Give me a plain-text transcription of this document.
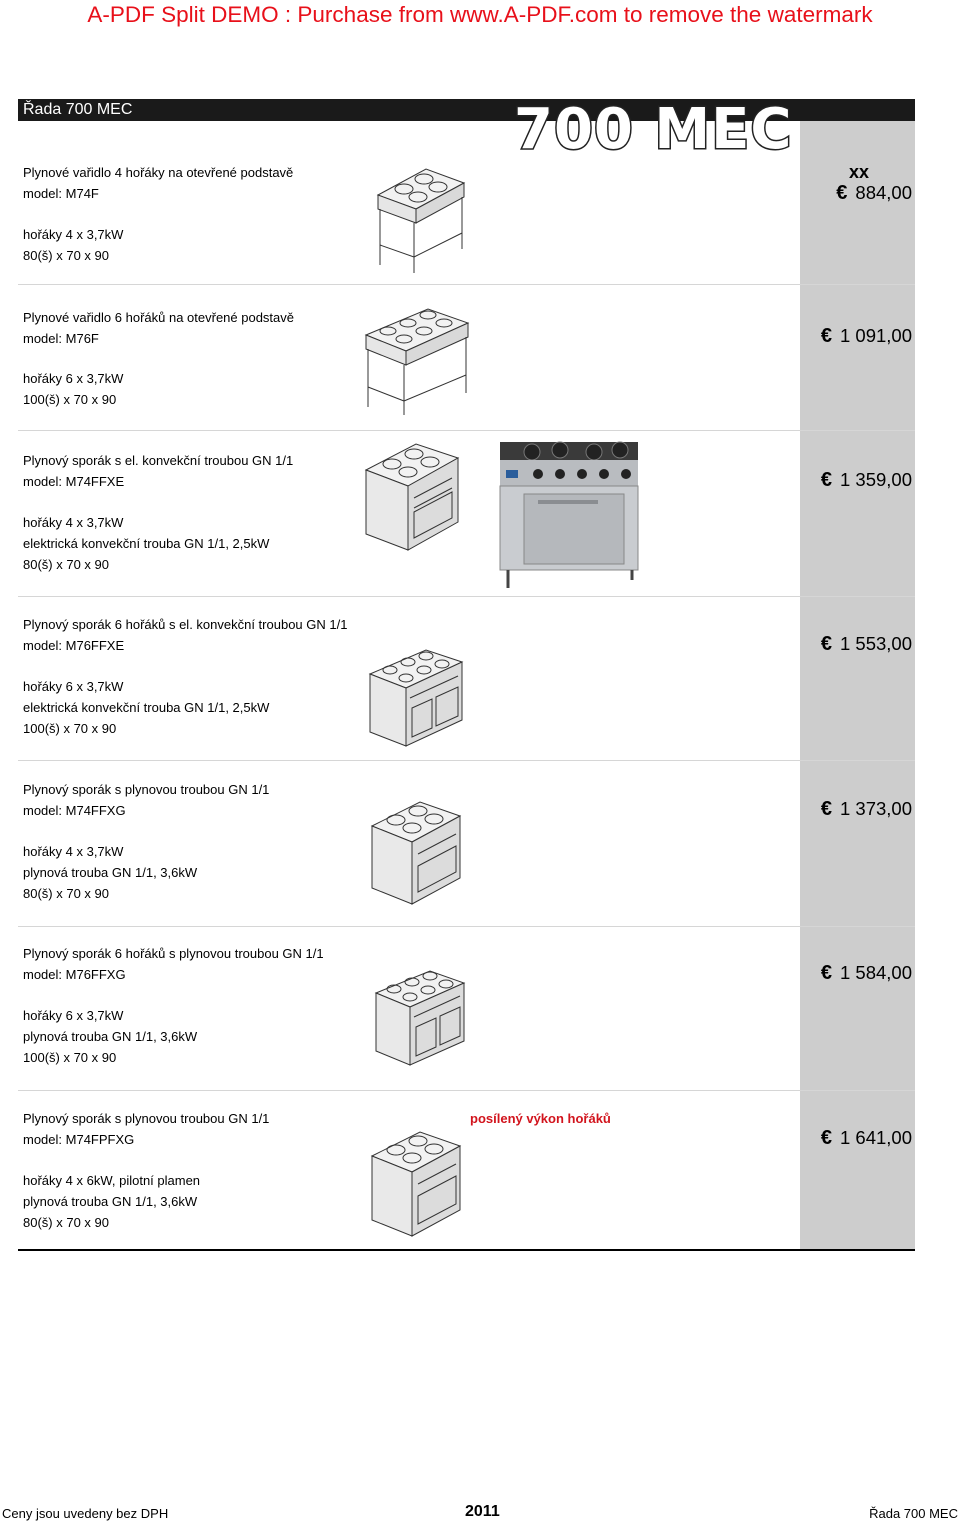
A-PDF Split DEMO : Purchase from www.A-PDF.com to remove the watermark
Řada 700 MEC	700 MEC
Plynové vařidlo 4 hořáky na otevřené podstavě
model: M74F
hořáky 4 x 3,7kW
80(š) x 70 x 90
xx
€ 884,00
Plynové vařidlo 6 hořáků na otevřené podstavě
model: M76F
hořáky 6 x 3,7kW
100(š) x 70 x 90
€ 1 091,00
Plynový sporák s el. konvekční troubou GN 1/1
model: M74FFXE
hořáky 4 x 3,7kW
elektrická konvekční trouba GN 1/1, 2,5kW
80(š) x 70 x 90
€ 1 359,00
Plynový sporák 6 hořáků s el. konvekční troubou GN 1/1
model: M76FFXE
hořáky 6 x 3,7kW
elektrická konvekční trouba GN 1/1, 2,5kW
100(š) x 70 x 90
€ 1 553,00
Plynový sporák s plynovou troubou GN 1/1
model: M74FFXG
hořáky 4 x 3,7kW
plynová trouba GN 1/1, 3,6kW
80(š) x 70 x 90
€ 1 373,00
Plynový sporák 6 hořáků s plynovou troubou GN 1/1
model: M76FFXG
hořáky 6 x 3,7kW
plynová trouba GN 1/1, 3,6kW
100(š) x 70 x 90
€ 1 584,00
Plynový sporák s plynovou troubou GN 1/1
model: M74FPFXG
hořáky 4 x 6kW, pilotní plamen
plynová trouba GN 1/1, 3,6kW
80(š) x 70 x 90
posílený výkon hořáků
€ 1 641,00
Ceny jsou uvedeny bez DPH	2011	Řada 700 MEC
